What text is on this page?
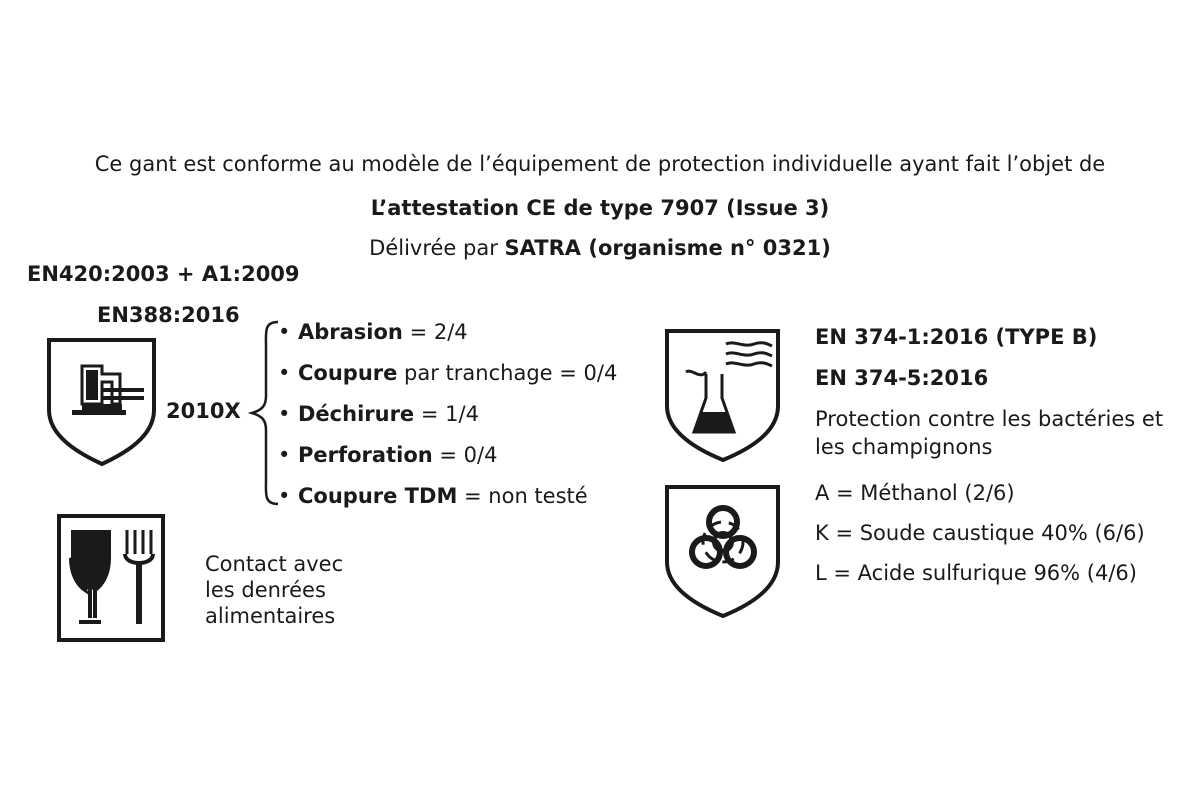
Ce gant est conforme au modèle de l’équipement de protection individuelle ayant fait l’objet de
L’attestation CE de type 7907 (Issue 3)
Délivrée par SATRA (organisme n° 0321)
EN420:2003 + A1:2009
EN388:2016
2010X
• Abrasion = 2/4
• Coupure par tranchage = 0/4
• Déchirure = 1/4
• Perforation = 0/4
• Coupure TDM = non testé
Contact avec
les denrées
alimentaires
EN 374-1:2016 (TYPE B)
EN 374-5:2016
Protection contre les bactéries et
les champignons
A = Méthanol (2/6)
K = Soude caustique 40% (6/6)
L = Acide sulfurique 96% (4/6)
